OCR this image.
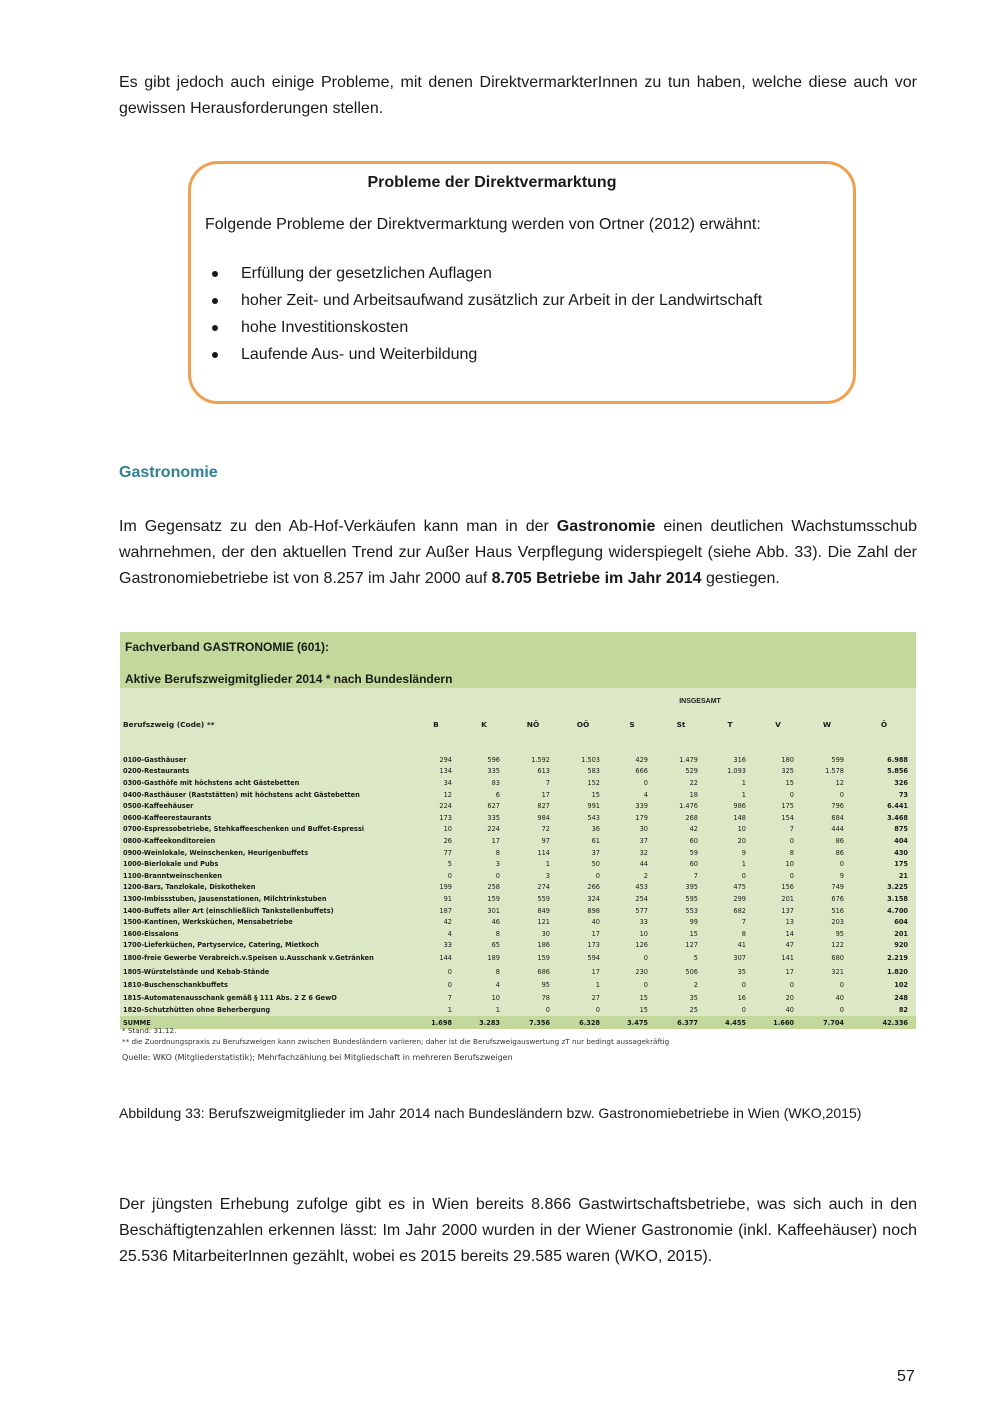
Es gibt jedoch auch einige Probleme, mit denen DirektvermarkterInnen zu tun haben, welche diese auch vor gewissen Herausforderungen stellen.

Probleme der Direktvermarktung
Folgende Probleme der Direktvermarktung werden von Ortner (2012) erwähnt:
Erfüllung der gesetzlichen Auflagen
hoher Zeit- und Arbeitsaufwand zusätzlich zur Arbeit in der Landwirtschaft
hohe Investitionskosten
Laufende Aus- und Weiterbildung
Gastronomie

Im Gegensatz zu den Ab-Hof-Verkäufen kann man in der Gastronomie einen deutlichen Wachstumsschub wahrnehmen, der den aktuellen Trend zur Außer Haus Verpflegung widerspiegelt (siehe Abb. 33). Die Zahl der Gastronomiebetriebe ist von 8.257 im Jahr 2000 auf 8.705 Betriebe im Jahr 2014 gestiegen.

Fachverband GASTRONOMIE (601):
Aktive Berufszweigmitglieder 2014 * nach Bundesländern
INSGESAMT
Berufszweig (Code) **	B	K	NÖ	OÖ	S	St	T	V	W	Ö

0100-Gasthäuser	294	596	1.592	1.503	429	1.479	316	180	599	6.988
0200-Restaurants	134	335	613	583	666	529	1.093	325	1.578	5.856
0300-Gasthöfe mit höchstens acht Gästebetten	34	83	7	152	0	22	1	15	12	326
0400-Rasthäuser (Raststätten) mit höchstens acht Gästebetten	12	6	17	15	4	18	1	0	0	73
0500-Kaffeehäuser	224	627	827	991	339	1.476	986	175	796	6.441
0600-Kaffeerestaurants	173	335	984	543	179	268	148	154	684	3.468
0700-Espressobetriebe, Stehkaffeeschenken und Buffet-Espressi	10	224	72	36	30	42	10	7	444	875
0800-Kaffeekonditoreien	26	17	97	61	37	60	20	0	86	404
0900-Weinlokale, Weinschenken, Heurigenbuffets	77	8	114	37	32	59	9	8	86	430
1000-Bierlokale und Pubs	5	3	1	50	44	60	1	10	0	175
1100-Branntweinschenken	0	0	3	0	2	7	0	0	9	21
1200-Bars, Tanzlokale, Diskotheken	199	258	274	266	453	395	475	156	749	3.225
1300-Imbissstuben, Jausenstationen, Milchtrinkstuben	91	159	559	324	254	595	299	201	676	3.158
1400-Buffets aller Art (einschließlich Tankstellenbuffets)	187	301	849	898	577	553	682	137	516	4.700
1500-Kantinen, Werksküchen, Mensabetriebe	42	46	121	40	33	99	7	13	203	604
1600-Eissalons	4	8	30	17	10	15	8	14	95	201
1700-Lieferküchen, Partyservice, Catering, Mietkoch	33	65	186	173	126	127	41	47	122	920
1800-freie Gewerbe Verabreich.v.Speisen u.Ausschank v.Getränken	144	189	159	594	0	5	307	141	680	2.219
1805-Würstelstände und Kebab-Stände	0	8	686	17	230	506	35	17	321	1.820
1810-Buschenschankbuffets	0	4	95	1	0	2	0	0	0	102
1815-Automatenausschank gemäß § 111 Abs. 2 Z 6 GewO	7	10	78	27	15	35	16	20	40	248
1820-Schutzhütten ohne Beherbergung	1	1	0	0	15	25	0	40	0	82
SUMME	1.698	3.283	7.356	6.328	3.475	6.377	4.455	1.660	7.704	42.336
* Stand: 31.12.
** die Zuordnungspraxis zu Berufszweigen kann zwischen Bundesländern variieren; daher ist die Berufszweigauswertung zT nur bedingt aussagekräftig
Quelle: WKO (Mitgliederstatistik); Mehrfachzählung bei Mitgliedschaft in mehreren Berufszweigen
Abbildung 33: Berufszweigmitglieder im Jahr 2014 nach Bundesländern bzw. Gastronomiebetriebe in Wien (WKO,2015)

Der jüngsten Erhebung zufolge gibt es in Wien bereits 8.866 Gastwirtschaftsbetriebe, was sich auch in den Beschäftigtenzahlen erkennen lässt: Im Jahr 2000 wurden in der Wiener Gastronomie (inkl. Kaffeehäuser) noch 25.536 MitarbeiterInnen gezählt, wobei es 2015 bereits 29.585 waren (WKO, 2015).

57
